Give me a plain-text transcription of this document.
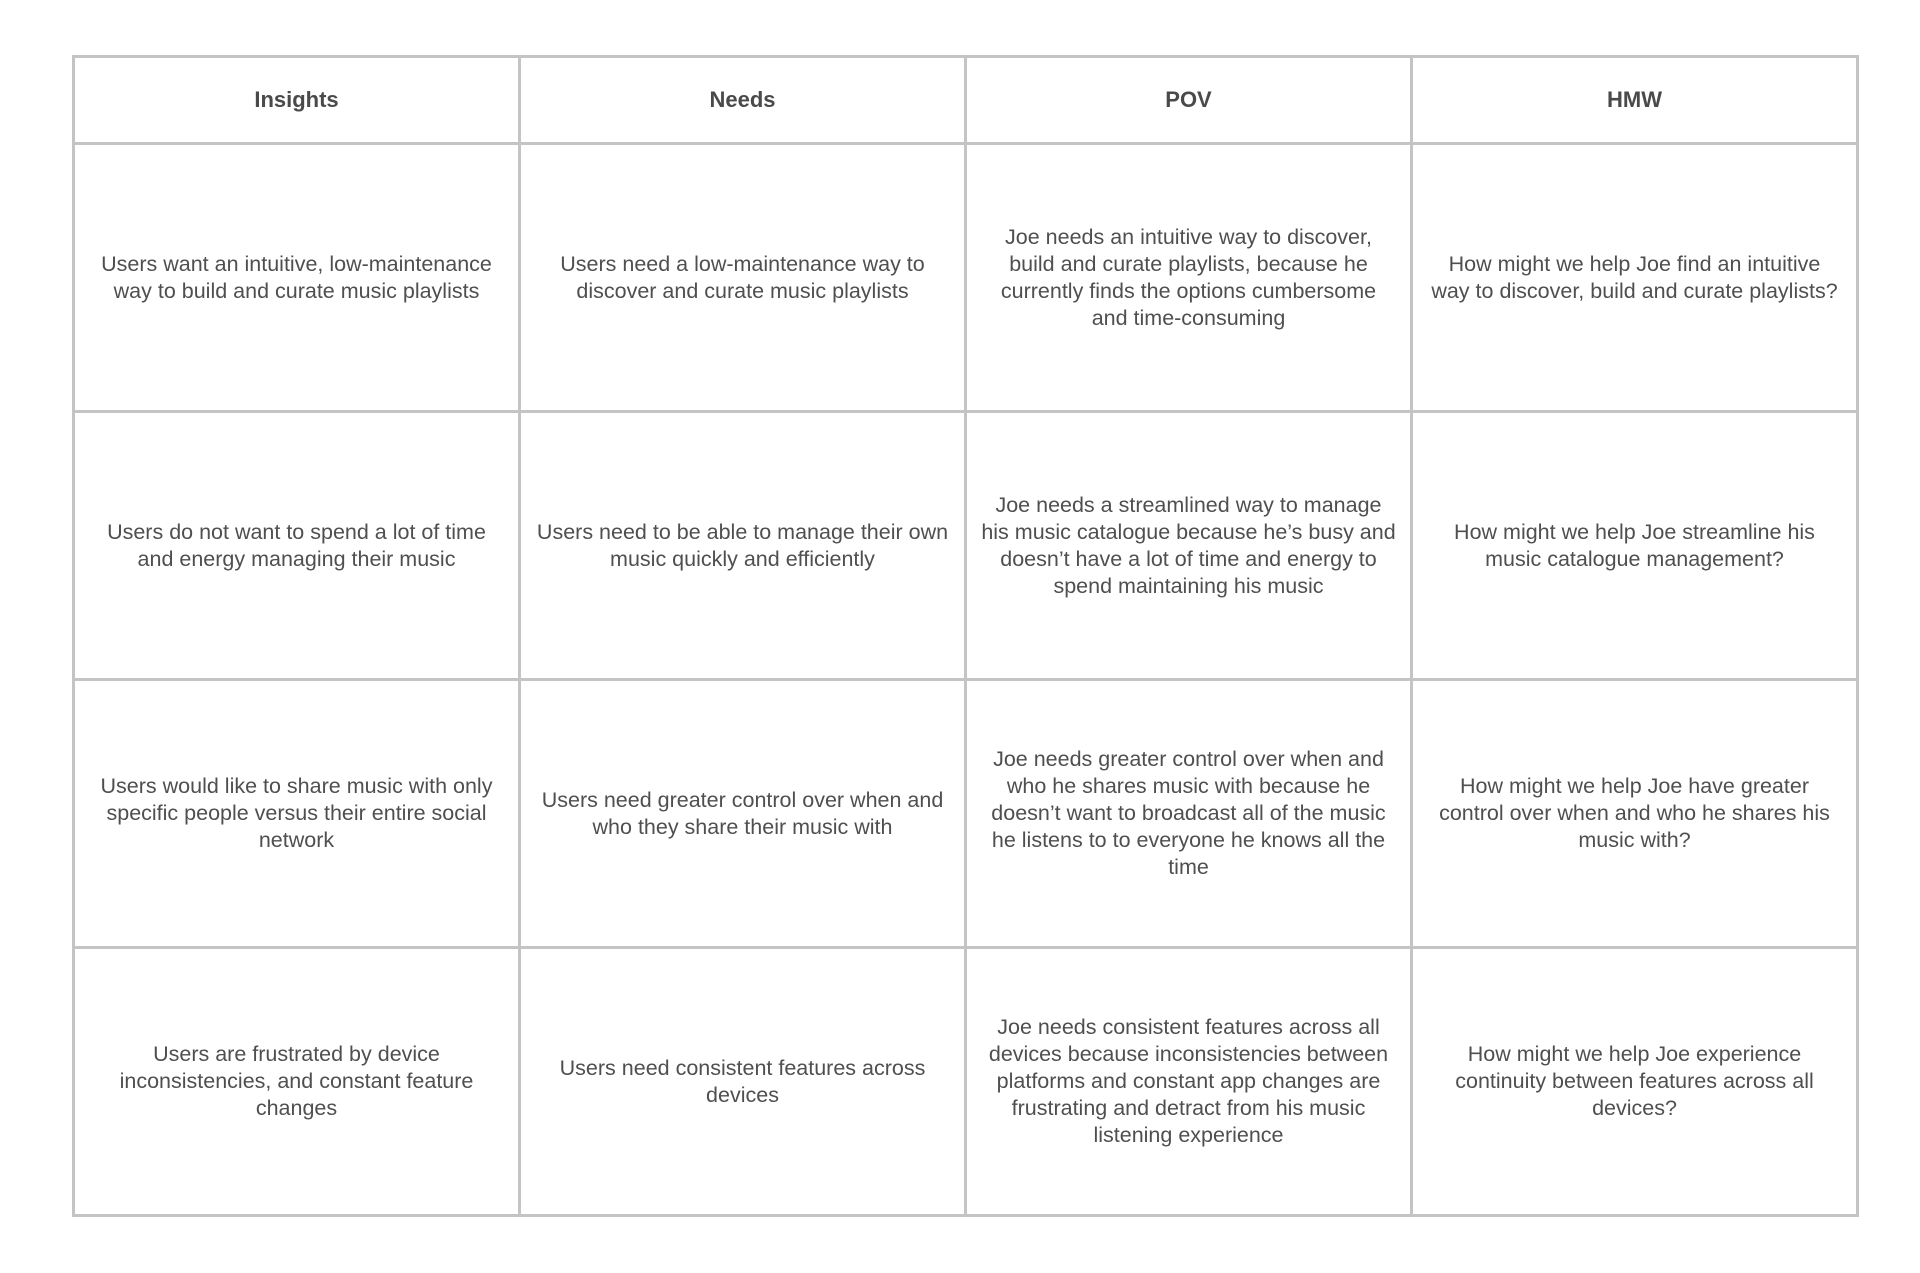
Insights	Needs	POV	HMW
Users want an intuitive, low-maintenance way to build and curate music playlists	Users need a low-maintenance way to discover and curate music playlists	Joe needs an intuitive way to discover, build and curate playlists, because he currently finds the options cumbersome and time-consuming	How might we help Joe find an intuitive way to discover, build and curate playlists?
Users do not want to spend a lot of time and energy managing their music	Users need to be able to manage their own music quickly and efficiently	Joe needs a streamlined way to manage his music catalogue because he’s busy and doesn’t have a lot of time and energy to spend maintaining his music	How might we help Joe streamline his music catalogue management?
Users would like to share music with only specific people versus their entire social network	Users need greater control over when and who they share their music with	Joe needs greater control over when and who he shares music with because he doesn’t want to broadcast all of the music he listens to to everyone he knows all the time	How might we help Joe have greater control over when and who he shares his music with?
Users are frustrated by device inconsistencies, and constant feature changes	Users need consistent features across devices	Joe needs consistent features across all devices because inconsistencies between platforms and constant app changes are frustrating and detract from his music listening experience	How might we help Joe experience continuity between features across all devices?
